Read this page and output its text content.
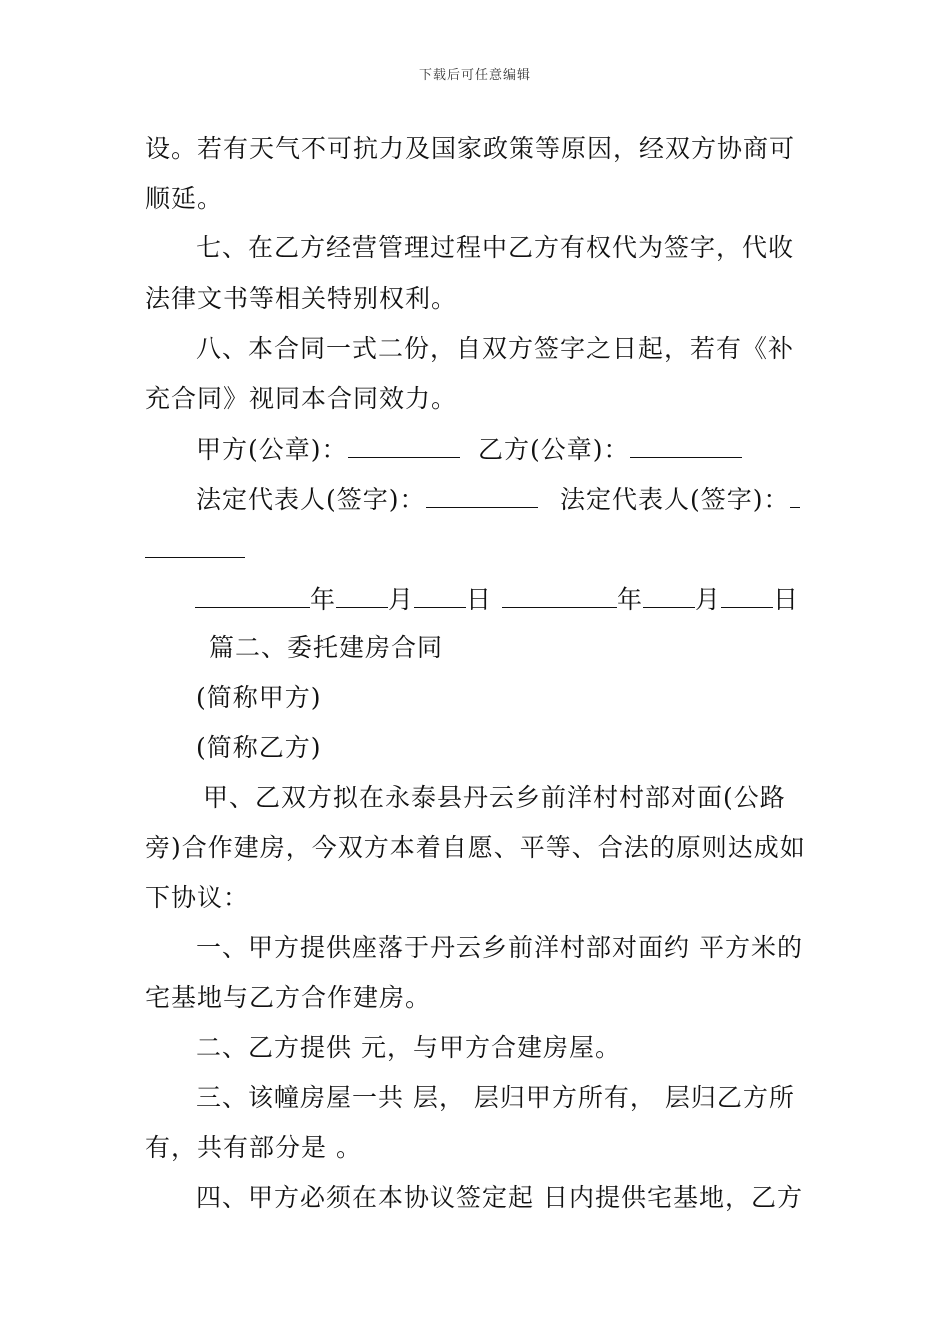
下载后可任意编辑
设。若有天气不可抗力及国家政策等原因，经双方协商可
顺延。
七、在乙方经营管理过程中乙方有权代为签字，代收
法律文书等相关特别权利。
八、本合同一式二份，自双方签字之日起，若有《补
充合同》视同本合同效力。
甲方(公章)：	乙方(公章)：
法定代表人(签字)：	法定代表人(签字)：
年 月 日	年 月 日
篇二、委托建房合同
(简称甲方)
(简称乙方)
甲、乙双方拟在永泰县丹云乡前洋村村部对面(公路
旁)合作建房，今双方本着自愿、平等、合法的原则达成如
下协议：
一、甲方提供座落于丹云乡前洋村部对面约 平方米的
宅基地与乙方合作建房。
二、乙方提供 元，与甲方合建房屋。
三、该幢房屋一共 层， 层归甲方所有， 层归乙方所
有，共有部分是 。
四、甲方必须在本协议签定起 日内提供宅基地，乙方
